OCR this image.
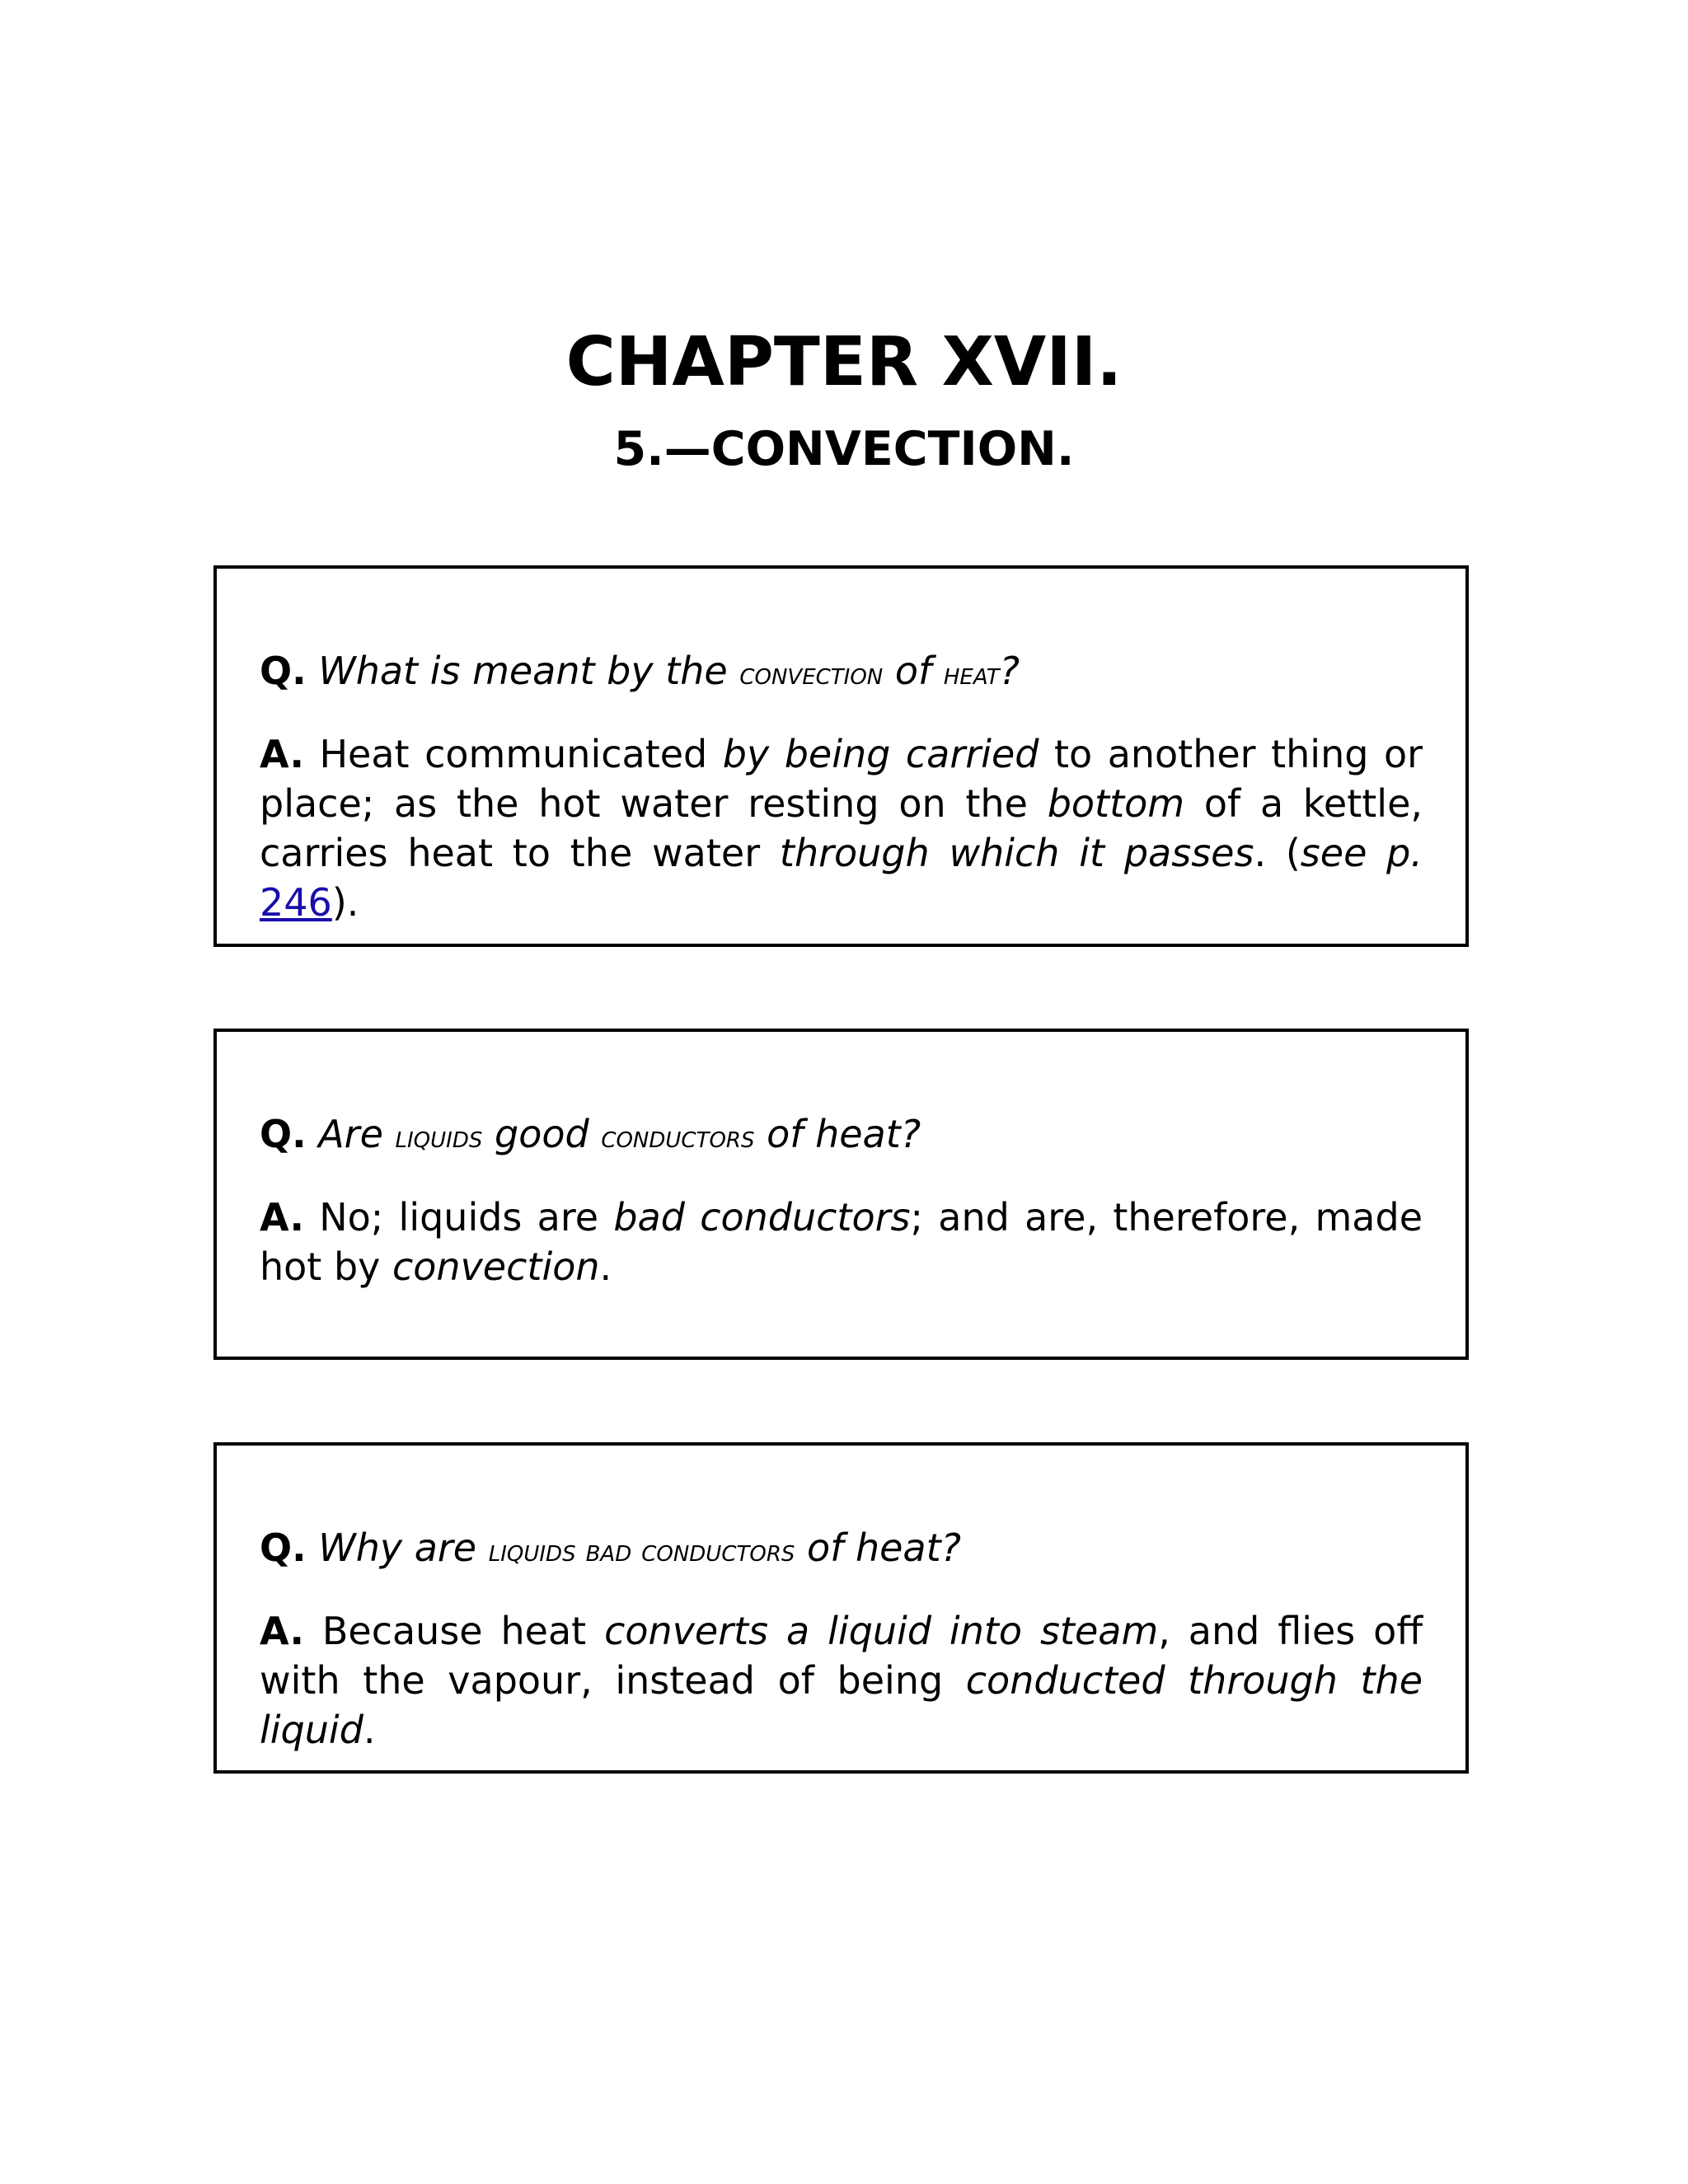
CHAPTER XVII.
5.—CONVECTION.

Q. What is meant by the convection of heat?

A. Heat communicated by being carried to another thing or place; as the hot water resting on the bottom of a kettle, carries heat to the water through which it passes. (see p. 246).

Q. Are liquids good conductors of heat?

A. No; liquids are bad conductors; and are, therefore, made hot by convection.

Q. Why are liquids bad conductors of heat?

A. Because heat converts a liquid into steam, and flies off with the vapour, instead of being conducted through the liquid.
